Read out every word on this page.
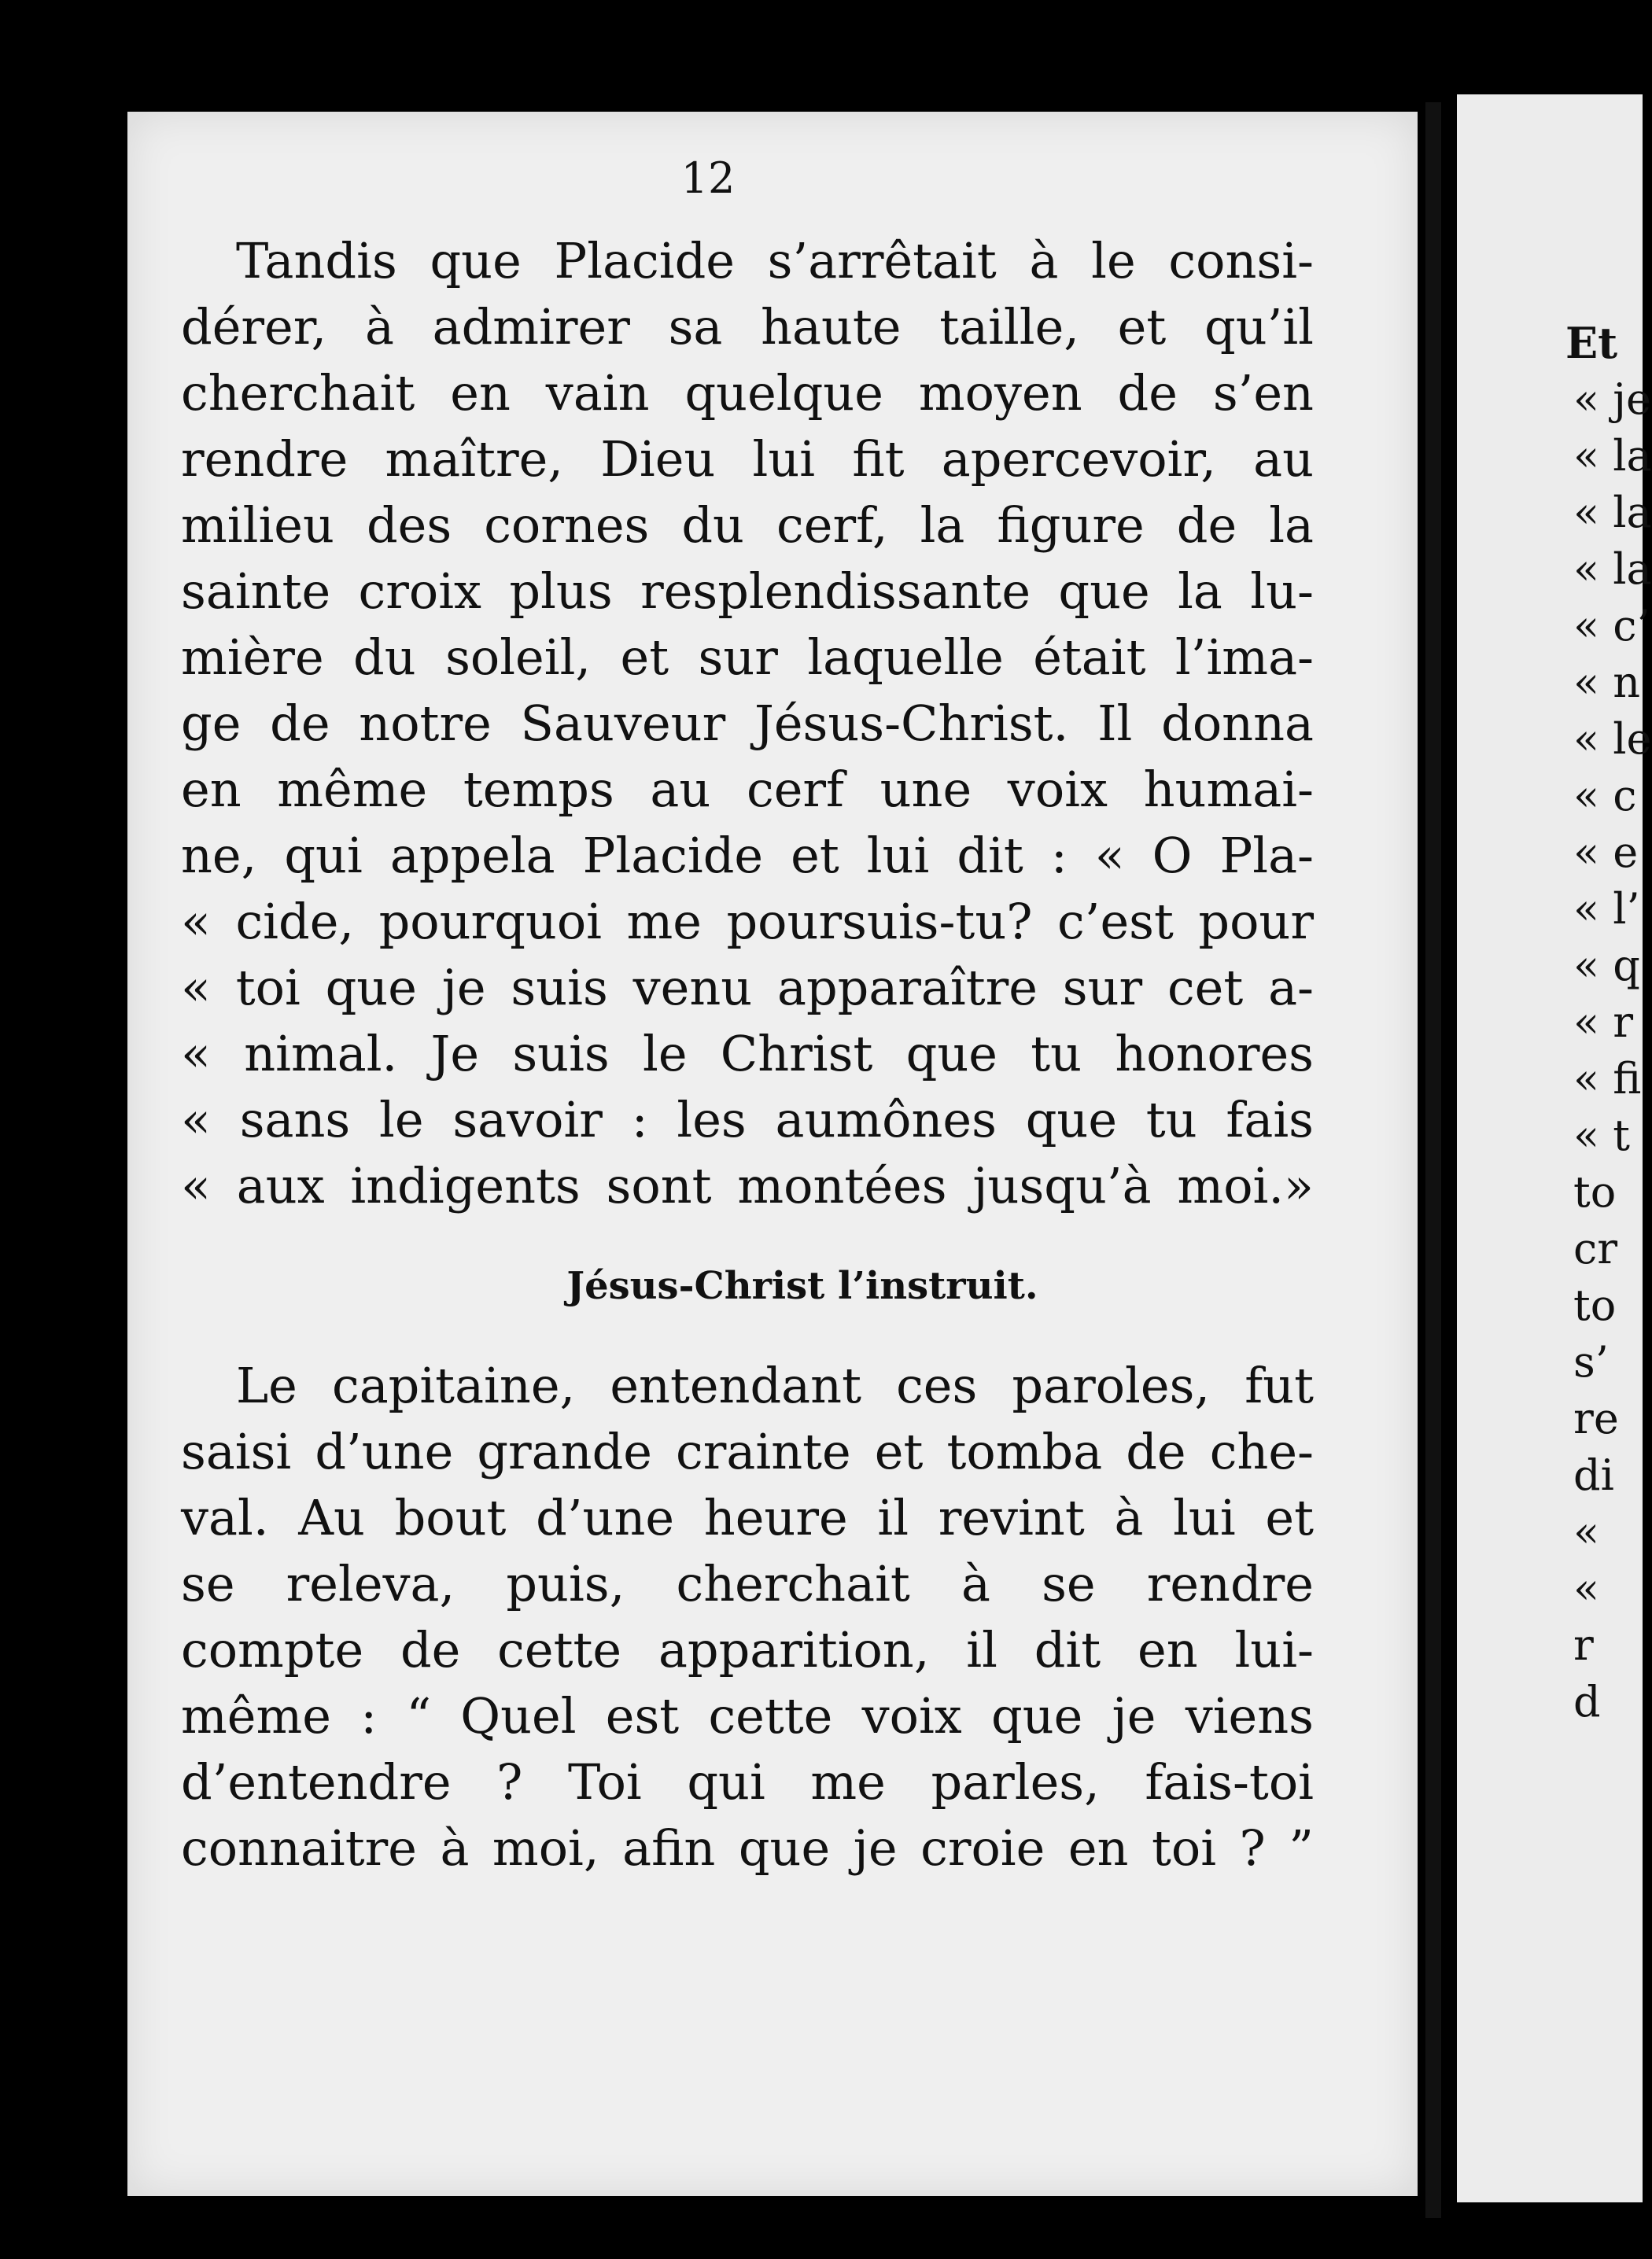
12
Tandis que Placide s’arrêtait à le consi-
dérer, à admirer sa haute taille, et qu’il
cherchait en vain quelque moyen de s’en
rendre maître, Dieu lui fit apercevoir, au
milieu des cornes du cerf, la figure de la
sainte croix plus resplendissante que la lu-
mière du soleil, et sur laquelle était l’ima-
ge de notre Sauveur Jésus-Christ. Il donna
en même temps au cerf une voix humai-
ne, qui appela Placide et lui dit : « O Pla-
« cide, pourquoi me poursuis-tu? c’est pour
« toi que je suis venu apparaître sur cet a-
« nimal. Je suis le Christ que tu honores
« sans le savoir : les aumônes que tu fais
« aux indigents sont montées jusqu’à moi.»
Jésus-Christ l’instruit.
Le capitaine, entendant ces paroles, fut
saisi d’une grande crainte et tomba de che-
val. Au bout d’une heure il revint à lui et
se releva, puis, cherchait à se rendre
compte de cette apparition, il dit en lui-
même : “ Quel est cette voix que je viens
d’entendre ? Toi qui me parles, fais-toi
connaitre à moi, afin que je croie en toi ? ”
Et
« je
« la
« la
« la
« c’
« n
« le
« c
« e
« l’
« q
« r
« fi
« t
to
cr
to
s’
re
di
«
«
r
d
